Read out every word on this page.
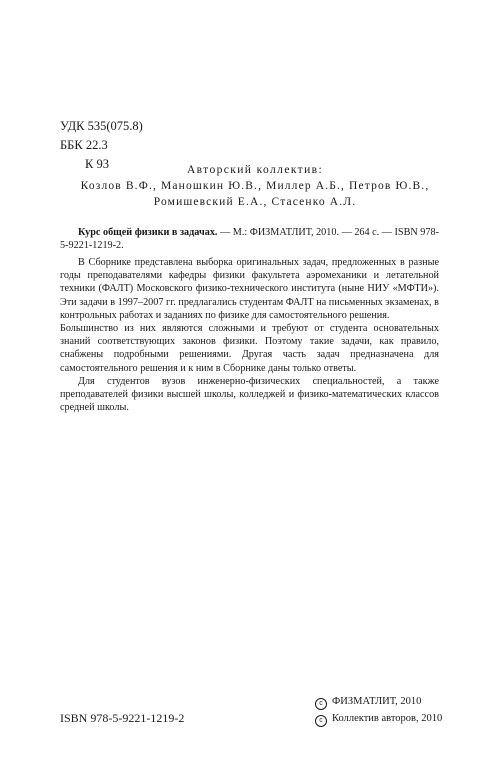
УДК 535(075.8)
ББК 22.3
К 93	Авторский коллектив:
Козлов В.Ф., Маношкин Ю.В., Миллер А.Б., Петров Ю.В.,
Ромишевский Е.А., Стасенко А.Л.
Курс общей физики в задачах. — М.: ФИЗМАТЛИТ, 2010. — 264 с. — ISBN 978-5-9221-1219-2.

В Сборнике представлена выборка оригинальных задач, предложенных в разные годы преподавателями кафедры физики факультета аэромеханики и летательной техники (ФАЛТ) Московского физико-технического института (ныне НИУ «МФТИ»). Эти задачи в 1997–2007 гг. предлагались студентам ФАЛТ на письменных экзаменах, в контрольных работах и заданиях по физике для самостоятельного решения.

Большинство из них являются сложными и требуют от студента основательных знаний соответствующих законов физики. Поэтому такие задачи, как правило, снабжены подробными решениями. Другая часть задач предназначена для самостоятельного решения и к ним в Сборнике даны только ответы.

Для студентов вузов инженерно-физических специальностей, а также преподавателей физики высшей школы, колледжей и физико-математических классов средней школы.

ISBN 978-5-9221-1219-2
c ФИЗМАТЛИТ, 2010
c Коллектив авторов, 2010
